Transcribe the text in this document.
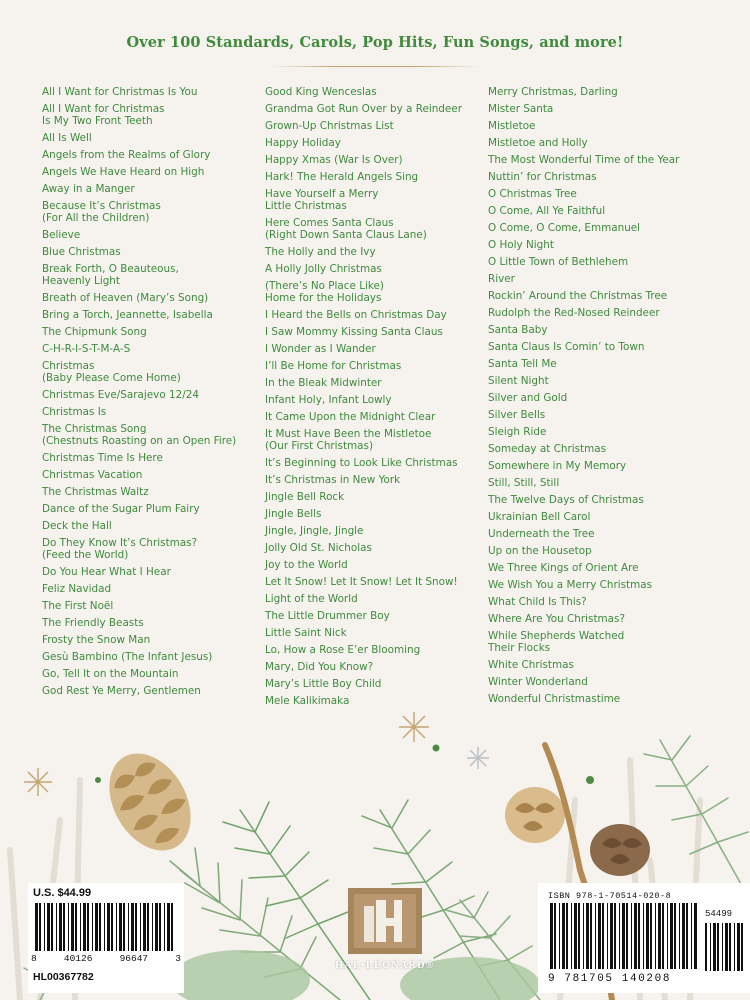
Over 100 Standards, Carols, Pop Hits, Fun Songs, and more!
All I Want for Christmas Is You
All I Want for Christmas
Is My Two Front Teeth
All Is Well
Angels from the Realms of Glory
Angels We Have Heard on High
Away in a Manger
Because It’s Christmas
(For All the Children)
Believe
Blue Christmas
Break Forth, O Beauteous,
Heavenly Light
Breath of Heaven (Mary’s Song)
Bring a Torch, Jeannette, Isabella
The Chipmunk Song
C-H-R-I-S-T-M-A-S
Christmas
(Baby Please Come Home)
Christmas Eve/Sarajevo 12/24
Christmas Is
The Christmas Song
(Chestnuts Roasting on an Open Fire)
Christmas Time Is Here
Christmas Vacation
The Christmas Waltz
Dance of the Sugar Plum Fairy
Deck the Hall
Do They Know It’s Christmas?
(Feed the World)
Do You Hear What I Hear
Feliz Navidad
The First Noël
The Friendly Beasts
Frosty the Snow Man
Gesù Bambino (The Infant Jesus)
Go, Tell It on the Mountain
God Rest Ye Merry, Gentlemen
Good King Wenceslas
Grandma Got Run Over by a Reindeer
Grown-Up Christmas List
Happy Holiday
Happy Xmas (War Is Over)
Hark! The Herald Angels Sing
Have Yourself a Merry
Little Christmas
Here Comes Santa Claus
(Right Down Santa Claus Lane)
The Holly and the Ivy
A Holly Jolly Christmas
(There’s No Place Like)
Home for the Holidays
I Heard the Bells on Christmas Day
I Saw Mommy Kissing Santa Claus
I Wonder as I Wander
I’ll Be Home for Christmas
In the Bleak Midwinter
Infant Holy, Infant Lowly
It Came Upon the Midnight Clear
It Must Have Been the Mistletoe
(Our First Christmas)
It’s Beginning to Look Like Christmas
It’s Christmas in New York
Jingle Bell Rock
Jingle Bells
Jingle, Jingle, Jingle
Jolly Old St. Nicholas
Joy to the World
Let It Snow! Let It Snow! Let It Snow!
Light of the World
The Little Drummer Boy
Little Saint Nick
Lo, How a Rose E’er Blooming
Mary, Did You Know?
Mary’s Little Boy Child
Mele Kalikimaka
Merry Christmas, Darling
Mister Santa
Mistletoe
Mistletoe and Holly
The Most Wonderful Time of the Year
Nuttin’ for Christmas
O Christmas Tree
O Come, All Ye Faithful
O Come, O Come, Emmanuel
O Holy Night
O Little Town of Bethlehem
River
Rockin’ Around the Christmas Tree
Rudolph the Red-Nosed Reindeer
Santa Baby
Santa Claus Is Comin’ to Town
Santa Tell Me
Silent Night
Silver and Gold
Silver Bells
Sleigh Ride
Someday at Christmas
Somewhere in My Memory
Still, Still, Still
The Twelve Days of Christmas
Ukrainian Bell Carol
Underneath the Tree
Up on the Housetop
We Three Kings of Orient Are
We Wish You a Merry Christmas
What Child Is This?
Where Are You Christmas?
While Shepherds Watched
Their Flocks
White Christmas
Winter Wonderland
Wonderful Christmastime
U.S. $44.99
8	40126	96647	3
HL00367782
HAL•LEONARD®
ISBN 978-1-70514-020-8
54499
9 781705 140208
